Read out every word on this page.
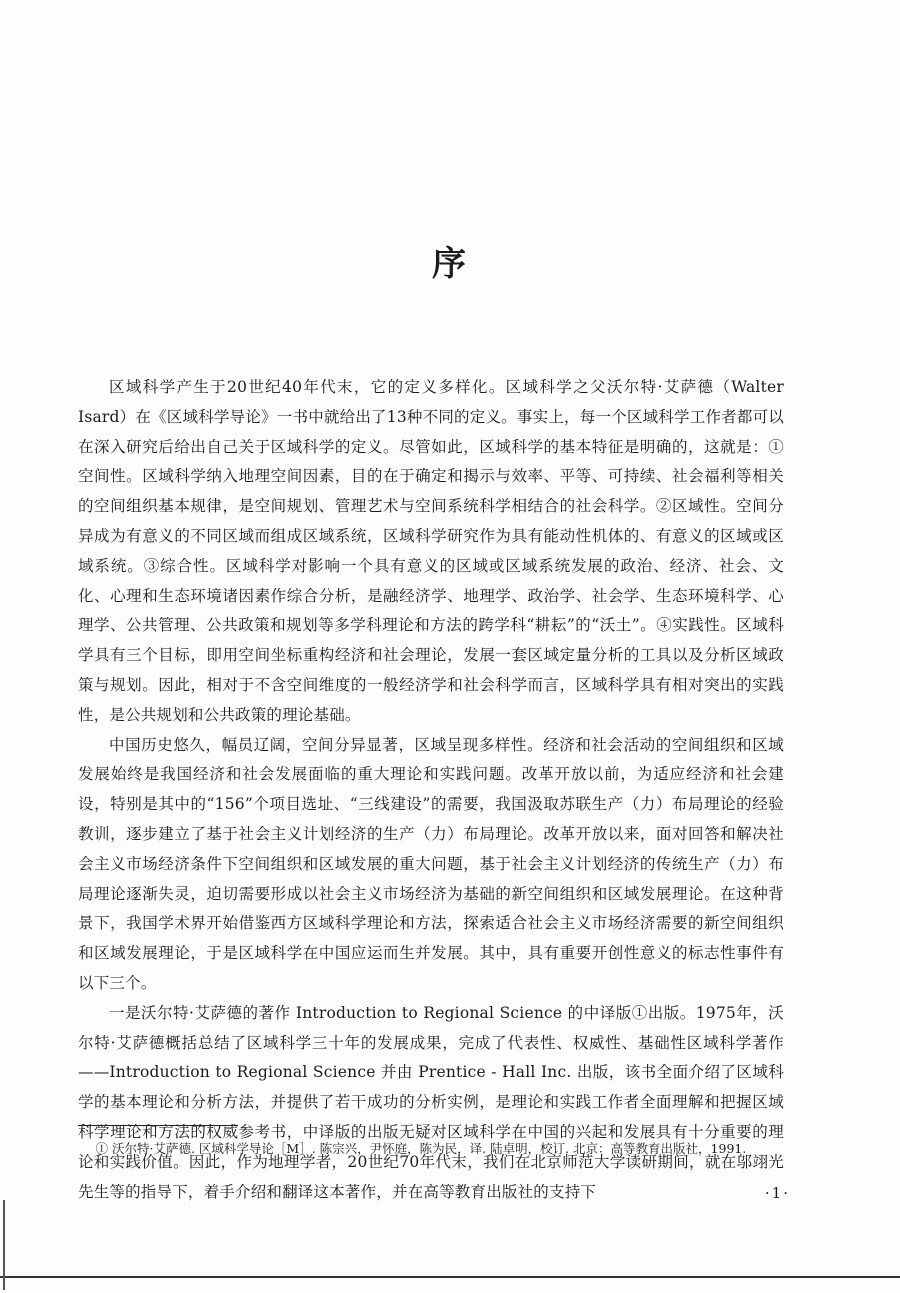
序

区域科学产生于20世纪40年代末，它的定义多样化。区域科学之父沃尔特·艾萨德（Walter Isard）在《区域科学导论》一书中就给出了13种不同的定义。事实上，每一个区域科学工作者都可以在深入研究后给出自己关于区域科学的定义。尽管如此，区域科学的基本特征是明确的，这就是：①空间性。区域科学纳入地理空间因素，目的在于确定和揭示与效率、平等、可持续、社会福利等相关的空间组织基本规律，是空间规划、管理艺术与空间系统科学相结合的社会科学。②区域性。空间分异成为有意义的不同区域而组成区域系统，区域科学研究作为具有能动性机体的、有意义的区域或区域系统。③综合性。区域科学对影响一个具有意义的区域或区域系统发展的政治、经济、社会、文化、心理和生态环境诸因素作综合分析，是融经济学、地理学、政治学、社会学、生态环境科学、心理学、公共管理、公共政策和规划等多学科理论和方法的跨学科“耕耘”的“沃土”。④实践性。区域科学具有三个目标，即用空间坐标重构经济和社会理论，发展一套区域定量分析的工具以及分析区域政策与规划。因此，相对于不含空间维度的一般经济学和社会科学而言，区域科学具有相对突出的实践性，是公共规划和公共政策的理论基础。

中国历史悠久，幅员辽阔，空间分异显著，区域呈现多样性。经济和社会活动的空间组织和区域发展始终是我国经济和社会发展面临的重大理论和实践问题。改革开放以前，为适应经济和社会建设，特别是其中的“156”个项目选址、“三线建设”的需要，我国汲取苏联生产（力）布局理论的经验教训，逐步建立了基于社会主义计划经济的生产（力）布局理论。改革开放以来，面对回答和解决社会主义市场经济条件下空间组织和区域发展的重大问题，基于社会主义计划经济的传统生产（力）布局理论逐渐失灵，迫切需要形成以社会主义市场经济为基础的新空间组织和区域发展理论。在这种背景下，我国学术界开始借鉴西方区域科学理论和方法，探索适合社会主义市场经济需要的新空间组织和区域发展理论，于是区域科学在中国应运而生并发展。其中，具有重要开创性意义的标志性事件有以下三个。

一是沃尔特·艾萨德的著作 Introduction to Regional Science 的中译版①出版。1975年，沃尔特·艾萨德概括总结了区域科学三十年的发展成果，完成了代表性、权威性、基础性区域科学著作——Introduction to Regional Science 并由 Prentice - Hall Inc. 出版，该书全面介绍了区域科学的基本理论和分析方法，并提供了若干成功的分析实例，是理论和实践工作者全面理解和把握区域科学理论和方法的权威参考书，中译版的出版无疑对区域科学在中国的兴起和发展具有十分重要的理论和实践价值。因此，作为地理学者，20世纪70年代末，我们在北京师范大学读研期间，就在邬翊光先生等的指导下，着手介绍和翻译这本著作，并在高等教育出版社的支持下

① 沃尔特·艾萨德. 区域科学导论［M］. 陈宗兴，尹怀庭，陈为民，译. 陆卓明，校订. 北京：高等教育出版社，1991.
·1·
